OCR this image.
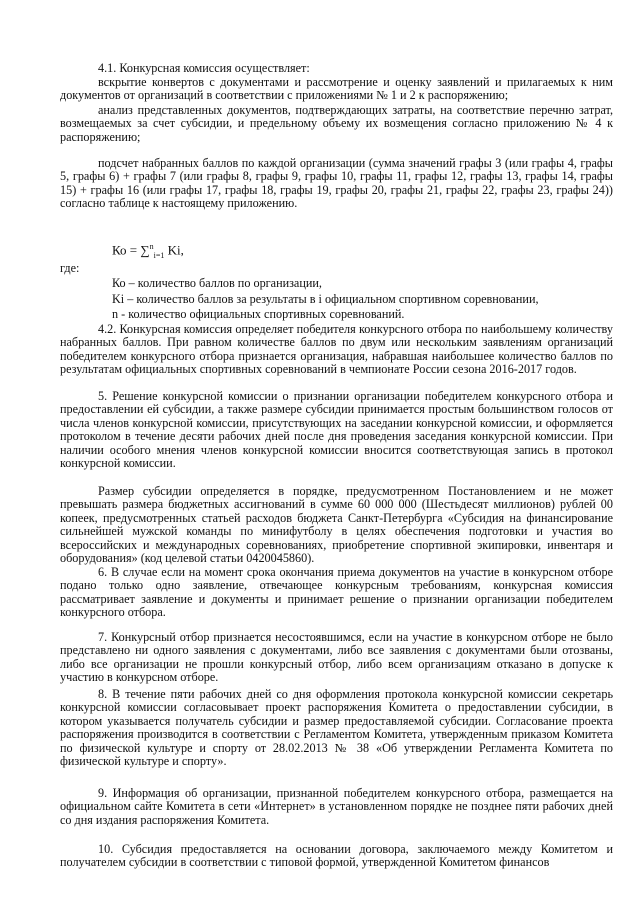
4.1. Конкурсная комиссия осуществляет:

вскрытие конвертов с документами и рассмотрение и оценку заявлений и прилагаемых к ним документов от организаций в соответствии с приложениями № 1 и 2 к распоряжению;

анализ представленных документов, подтверждающих затраты, на соответствие перечню затрат, возмещаемых за счет субсидии, и предельному объему их возмещения согласно приложению № 4 к распоряжению;

подсчет набранных баллов по каждой организации (сумма значений графы 3 (или графы 4, графы 5, графы 6) + графы 7 (или графы 8, графы 9, графы 10, графы 11, графы 12, графы 13, графы 14, графы 15) + графы 16 (или графы 17, графы 18, графы 19, графы 20, графы 21, графы 22, графы 23, графы 24)) согласно таблице к настоящему приложению.

Ко = ∑$^n_{i=1}$ Ki,
где:
Ко – количество баллов по организации,
Ki – количество баллов за результаты в i официальном спортивном соревновании,
n - количество официальных спортивных соревнований.

4.2. Конкурсная комиссия определяет победителя конкурсного отбора по наибольшему количеству набранных баллов. При равном количестве баллов по двум или нескольким заявлениям организаций победителем конкурсного отбора признается организация, набравшая наибольшее количество баллов по результатам официальных спортивных соревнований в чемпионате России сезона 2016-2017 годов.

5. Решение конкурсной комиссии о признании организации победителем конкурсного отбора и предоставлении ей субсидии, а также размере субсидии принимается простым большинством голосов от числа членов конкурсной комиссии, присутствующих на заседании конкурсной комиссии, и оформляется протоколом в течение десяти рабочих дней после дня проведения заседания конкурсной комиссии. При наличии особого мнения членов конкурсной комиссии вносится соответствующая запись в протокол конкурсной комиссии.

Размер субсидии определяется в порядке, предусмотренном Постановлением и не может превышать размера бюджетных ассигнований в сумме 60 000 000 (Шестьдесят миллионов) рублей 00 копеек, предусмотренных статьей расходов бюджета Санкт-Петербурга «Субсидия на финансирование сильнейшей мужской команды по минифутболу в целях обеспечения подготовки и участия во всероссийских и международных соревнованиях, приобретение спортивной экипировки, инвентаря и оборудования» (код целевой статьи 0420045860).

6. В случае если на момент срока окончания приема документов на участие в конкурсном отборе подано только одно заявление, отвечающее конкурсным требованиям, конкурсная комиссия рассматривает заявление и документы и принимает решение о признании организации победителем конкурсного отбора.

7. Конкурсный отбор признается несостоявшимся, если на участие в конкурсном отборе не было представлено ни одного заявления с документами, либо все заявления с документами были отозваны, либо все организации не прошли конкурсный отбор, либо всем организациям отказано в допуске к участию в конкурсном отборе.

8. В течение пяти рабочих дней со дня оформления протокола конкурсной комиссии секретарь конкурсной комиссии согласовывает проект распоряжения Комитета о предоставлении субсидии, в котором указывается получатель субсидии и размер предоставляемой субсидии. Согласование проекта распоряжения производится в соответствии с Регламентом Комитета, утвержденным приказом Комитета по физической культуре и спорту от 28.02.2013 № 38 «Об утверждении Регламента Комитета по физической культуре и спорту».

9. Информация об организации, признанной победителем конкурсного отбора, размещается на официальном сайте Комитета в сети «Интернет» в установленном порядке не позднее пяти рабочих дней со дня издания распоряжения Комитета.

10. Субсидия предоставляется на основании договора, заключаемого между Комитетом и получателем субсидии в соответствии с типовой формой, утвержденной Комитетом финансов
